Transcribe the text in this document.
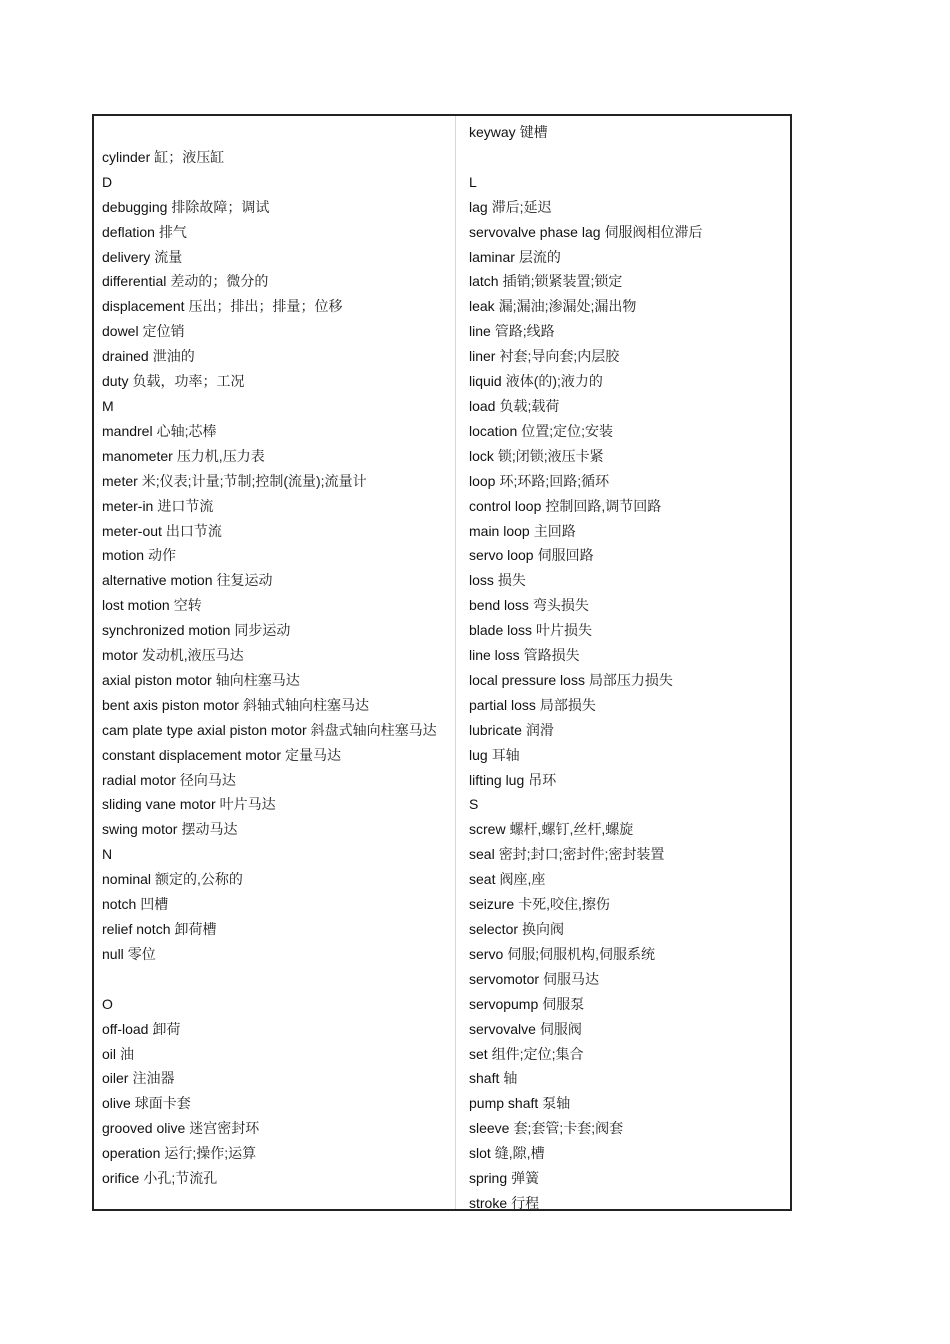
cylinder 缸；液压缸
D
debugging 排除故障；调试
deflation 排气
delivery 流量
differential 差动的；微分的
displacement 压出；排出；排量；位移
dowel 定位销
drained 泄油的
duty 负载，功率；工况
M
mandrel 心轴;芯棒
manometer 压力机,压力表
meter 米;仪表;计量;节制;控制(流量);流量计
meter-in 进口节流
meter-out 出口节流
motion 动作
alternative motion 往复运动
lost motion 空转
synchronized motion 同步运动
motor 发动机,液压马达
axial piston motor 轴向柱塞马达
bent axis piston motor 斜轴式轴向柱塞马达
cam plate type axial piston motor 斜盘式轴向柱塞马达
constant displacement motor 定量马达
radial motor 径向马达
sliding vane motor 叶片马达
swing motor 摆动马达
N
nominal 额定的,公称的
notch 凹槽
relief notch 卸荷槽
null 零位
O
off-load 卸荷
oil 油
oiler 注油器
olive 球面卡套
grooved olive 迷宫密封环
operation 运行;操作;运算
orifice 小孔;节流孔
keyway 键槽
L
lag 滞后;延迟
servovalve phase lag 伺服阀相位滞后
laminar 层流的
latch 插销;锁紧装置;锁定
leak 漏;漏油;渗漏处;漏出物
line 管路;线路
liner 衬套;导向套;内层胶
liquid 液体(的);液力的
load 负载;载荷
location 位置;定位;安装
lock 锁;闭锁;液压卡紧
loop 环;环路;回路;循环
control loop 控制回路,调节回路
main loop 主回路
servo loop 伺服回路
loss 损失
bend loss 弯头损失
blade loss 叶片损失
line loss 管路损失
local pressure loss 局部压力损失
partial loss 局部损失
lubricate 润滑
lug 耳轴
lifting lug 吊环
S
screw 螺杆,螺钉,丝杆,螺旋
seal 密封;封口;密封件;密封装置
seat 阀座,座
seizure 卡死,咬住,擦伤
selector 换向阀
servo 伺服;伺服机构,伺服系统
servomotor 伺服马达
servopump 伺服泵
servovalve 伺服阀
set 组件;定位;集合
shaft 轴
pump shaft 泵轴
sleeve 套;套管;卡套;阀套
slot 缝,隙,槽
spring 弹簧
stroke 行程
